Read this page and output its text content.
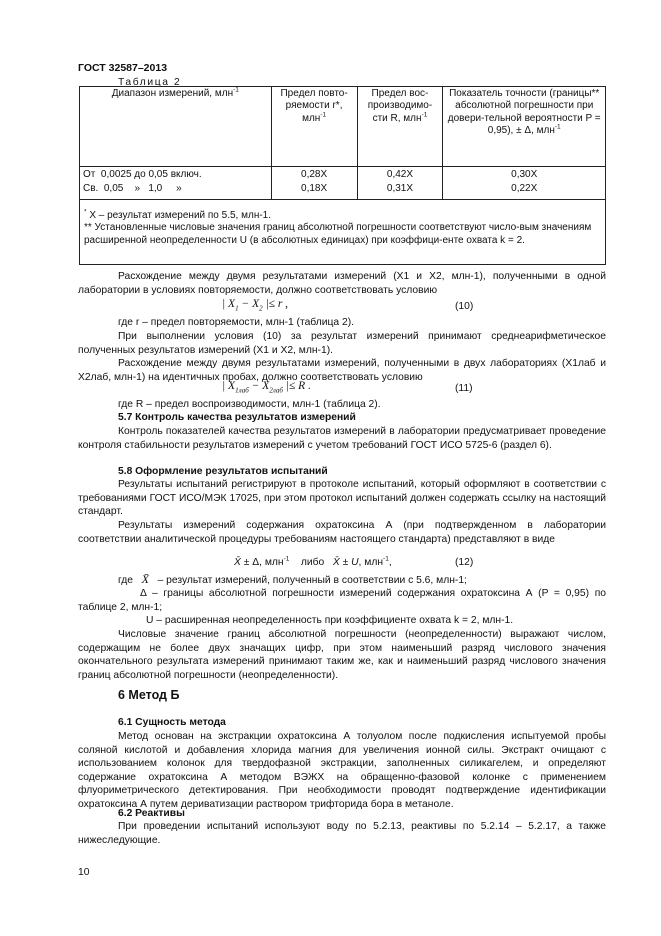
ГОСТ 32587–2013
Таблица 2
Диапазон измерений, млн$^{-1}$	Предел повто-ряемости r*, млн$^{-1}$	Предел вос-производимо-сти R, млн$^{-1}$	Показатель точности (границы** абсолютной погрешности при довери-тельной вероятности P = 0,95), ± Δ, млн$^{-1}$
От  0,0025 до 0,05 включ.	0,28X	0,42X	0,30X
Св.  0,05    »   1,0     »	0,18X	0,31X	0,22X

* X – результат измерений по 5.5, млн-1.
** Установленные числовые значения границ абсолютной погрешности соответствуют число-вым значениям расширенной неопределенности U (в абсолютных единицах) при коэффици-енте охвата k = 2.			
Расхождение между двумя результатами измерений (X1 и X2, млн-1), полученными в одной лаборатории в условиях повторяемости, должно соответствовать условию
| $X_1 - X_2$ |≤ r ,	(10)
где r – предел повторяемости, млн-1 (таблица 2).
При выполнении условия (10) за результат измерений принимают среднеарифметическое полученных результатов измерений (X1 и X2, млн-1).
Расхождение между двумя результатами измерений, полученными в двух лабораториях (X1лаб и X2лаб, млн-1) на идентичных пробах, должно соответствовать условию
| $X_{1лаб} - X_{2лаб}$ |≤ R .	(11)
где R – предел воспроизводимости, млн-1 (таблица 2).
5.7 Контроль качества результатов измерений
Контроль показателей качества результатов измерений в лаборатории предусматривает проведение контроля стабильности результатов измерений с учетом требований ГОСТ ИСО 5725-6 (раздел 6).
5.8 Оформление результатов испытаний
Результаты испытаний регистрируют в протоколе испытаний, который оформляют в соответствии с требованиями ГОСТ ИСО/МЭК 17025, при этом протокол испытаний должен содержать ссылку на настоящий стандарт.
Результаты измерений содержания охратоксина А (при подтвержденном в лаборатории соответствии аналитической процедуры требованиям настоящего стандарта) представляют в виде
X̄ ± Δ, млн$^{-1}$ либо X̄ ± U, млн$^{-1}$,	(12)
где   X̄ – результат измерений, полученный в соответствии с 5.6, млн-1;
Δ – границы абсолютной погрешности измерений содержания охратоксина А (P = 0,95) по таблице 2, млн-1;
U – расширенная неопределенность при коэффициенте охвата k = 2, млн-1.
Числовые значение границ абсолютной погрешности (неопределенности) выражают числом, содержащим не более двух значащих цифр, при этом наименьший разряд числового значения окончательного результата измерений принимают таким же, как и наименьший разряд числового значения границ абсолютной погрешности (неопределенности).
6 Метод Б
6.1 Сущность метода
Метод основан на экстракции охратоксина А толуолом после подкисления испытуемой пробы соляной кислотой и добавления хлорида магния для увеличения ионной силы. Экстракт очищают с использованием колонок для твердофазной экстракции, заполненных силикагелем, и определяют содержание охратоксина А методом ВЭЖХ на обращенно-фазовой колонке с применением флуориметрического детектирования. При необходимости проводят подтверждение идентификации охратоксина А путем дериватизации раствором трифторида бора в метаноле.
6.2 Реактивы
При проведении испытаний используют воду по 5.2.13, реактивы по 5.2.14 – 5.2.17, а также нижеследующие.
10
